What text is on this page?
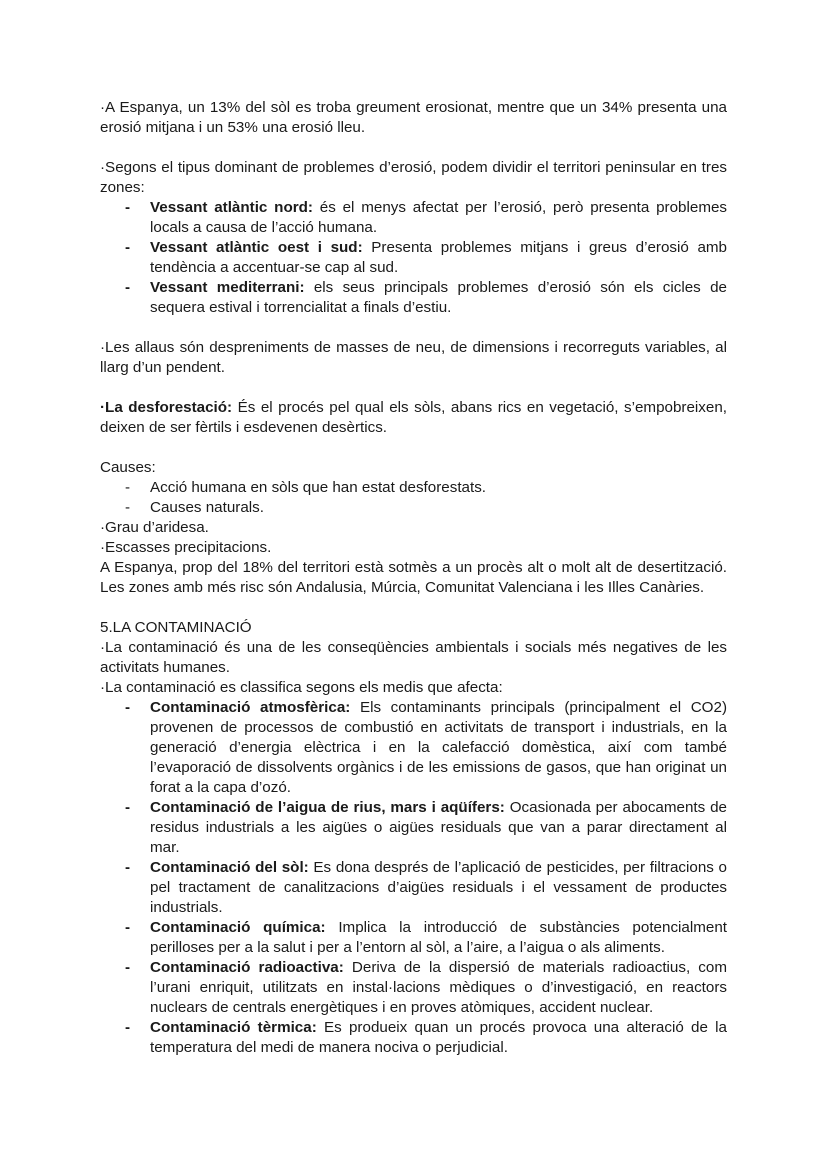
·A Espanya, un 13% del sòl es troba greument erosionat, mentre que un 34% presenta una erosió mitjana i un 53% una erosió lleu.

·Segons el tipus dominant de problemes d’erosió, podem dividir el territori peninsular en tres zones:

- Vessant atlàntic nord: és el menys afectat per l’erosió, però presenta problemes locals a causa de l’acció humana.
- Vessant atlàntic oest i sud: Presenta problemes mitjans i greus d’erosió amb tendència a accentuar-se cap al sud.
- Vessant mediterrani: els seus principals problemes d’erosió són els cicles de sequera estival i torrencialitat a finals d’estiu.

·Les allaus són despreniments de masses de neu, de dimensions i recorreguts variables, al llarg d’un pendent.

·La desforestació: És el procés pel qual els sòls, abans rics en vegetació, s’empobreixen, deixen de ser fèrtils i esdevenen desèrtics.

Causes:

- Acció humana en sòls que han estat desforestats.
- Causes naturals.

·Grau d’aridesa.

·Escasses precipitacions.

A Espanya, prop del 18% del territori està sotmès a un procès alt o molt alt de desertització. Les zones amb més risc són Andalusia, Múrcia, Comunitat Valenciana i les Illes Canàries.

5.LA CONTAMINACIÓ

·La contaminació és una de les conseqüències ambientals i socials més negatives de les activitats humanes.

·La contaminació es classifica segons els medis que afecta:

- Contaminació atmosfèrica: Els contaminants principals (principalment el CO2) provenen de processos de combustió en activitats de transport i industrials, en la generació d’energia elèctrica i en la calefacció domèstica, així com també l’evaporació de dissolvents orgànics i de les emissions de gasos, que han originat un forat a la capa d’ozó.
- Contaminació de l’aigua de rius, mars i aqüífers: Ocasionada per abocaments de residus industrials a les aigües o aigües residuals que van a parar directament al mar.
- Contaminació del sòl: Es dona després de l’aplicació de pesticides, per filtracions o pel tractament de canalitzacions d’aigües residuals i el vessament de productes industrials.
- Contaminació química: Implica la introducció de substàncies potencialment perilloses per a la salut i per a l’entorn al sòl, a l’aire, a l’aigua o als aliments.
- Contaminació radioactiva: Deriva de la dispersió de materials radioactius, com l’urani enriquit, utilitzats en instal·lacions mèdiques o d’investigació, en reactors nuclears de centrals energètiques i en proves atòmiques, accident nuclear.
- Contaminació tèrmica: Es produeix quan un procés provoca una alteració de la temperatura del medi de manera nociva o perjudicial.
